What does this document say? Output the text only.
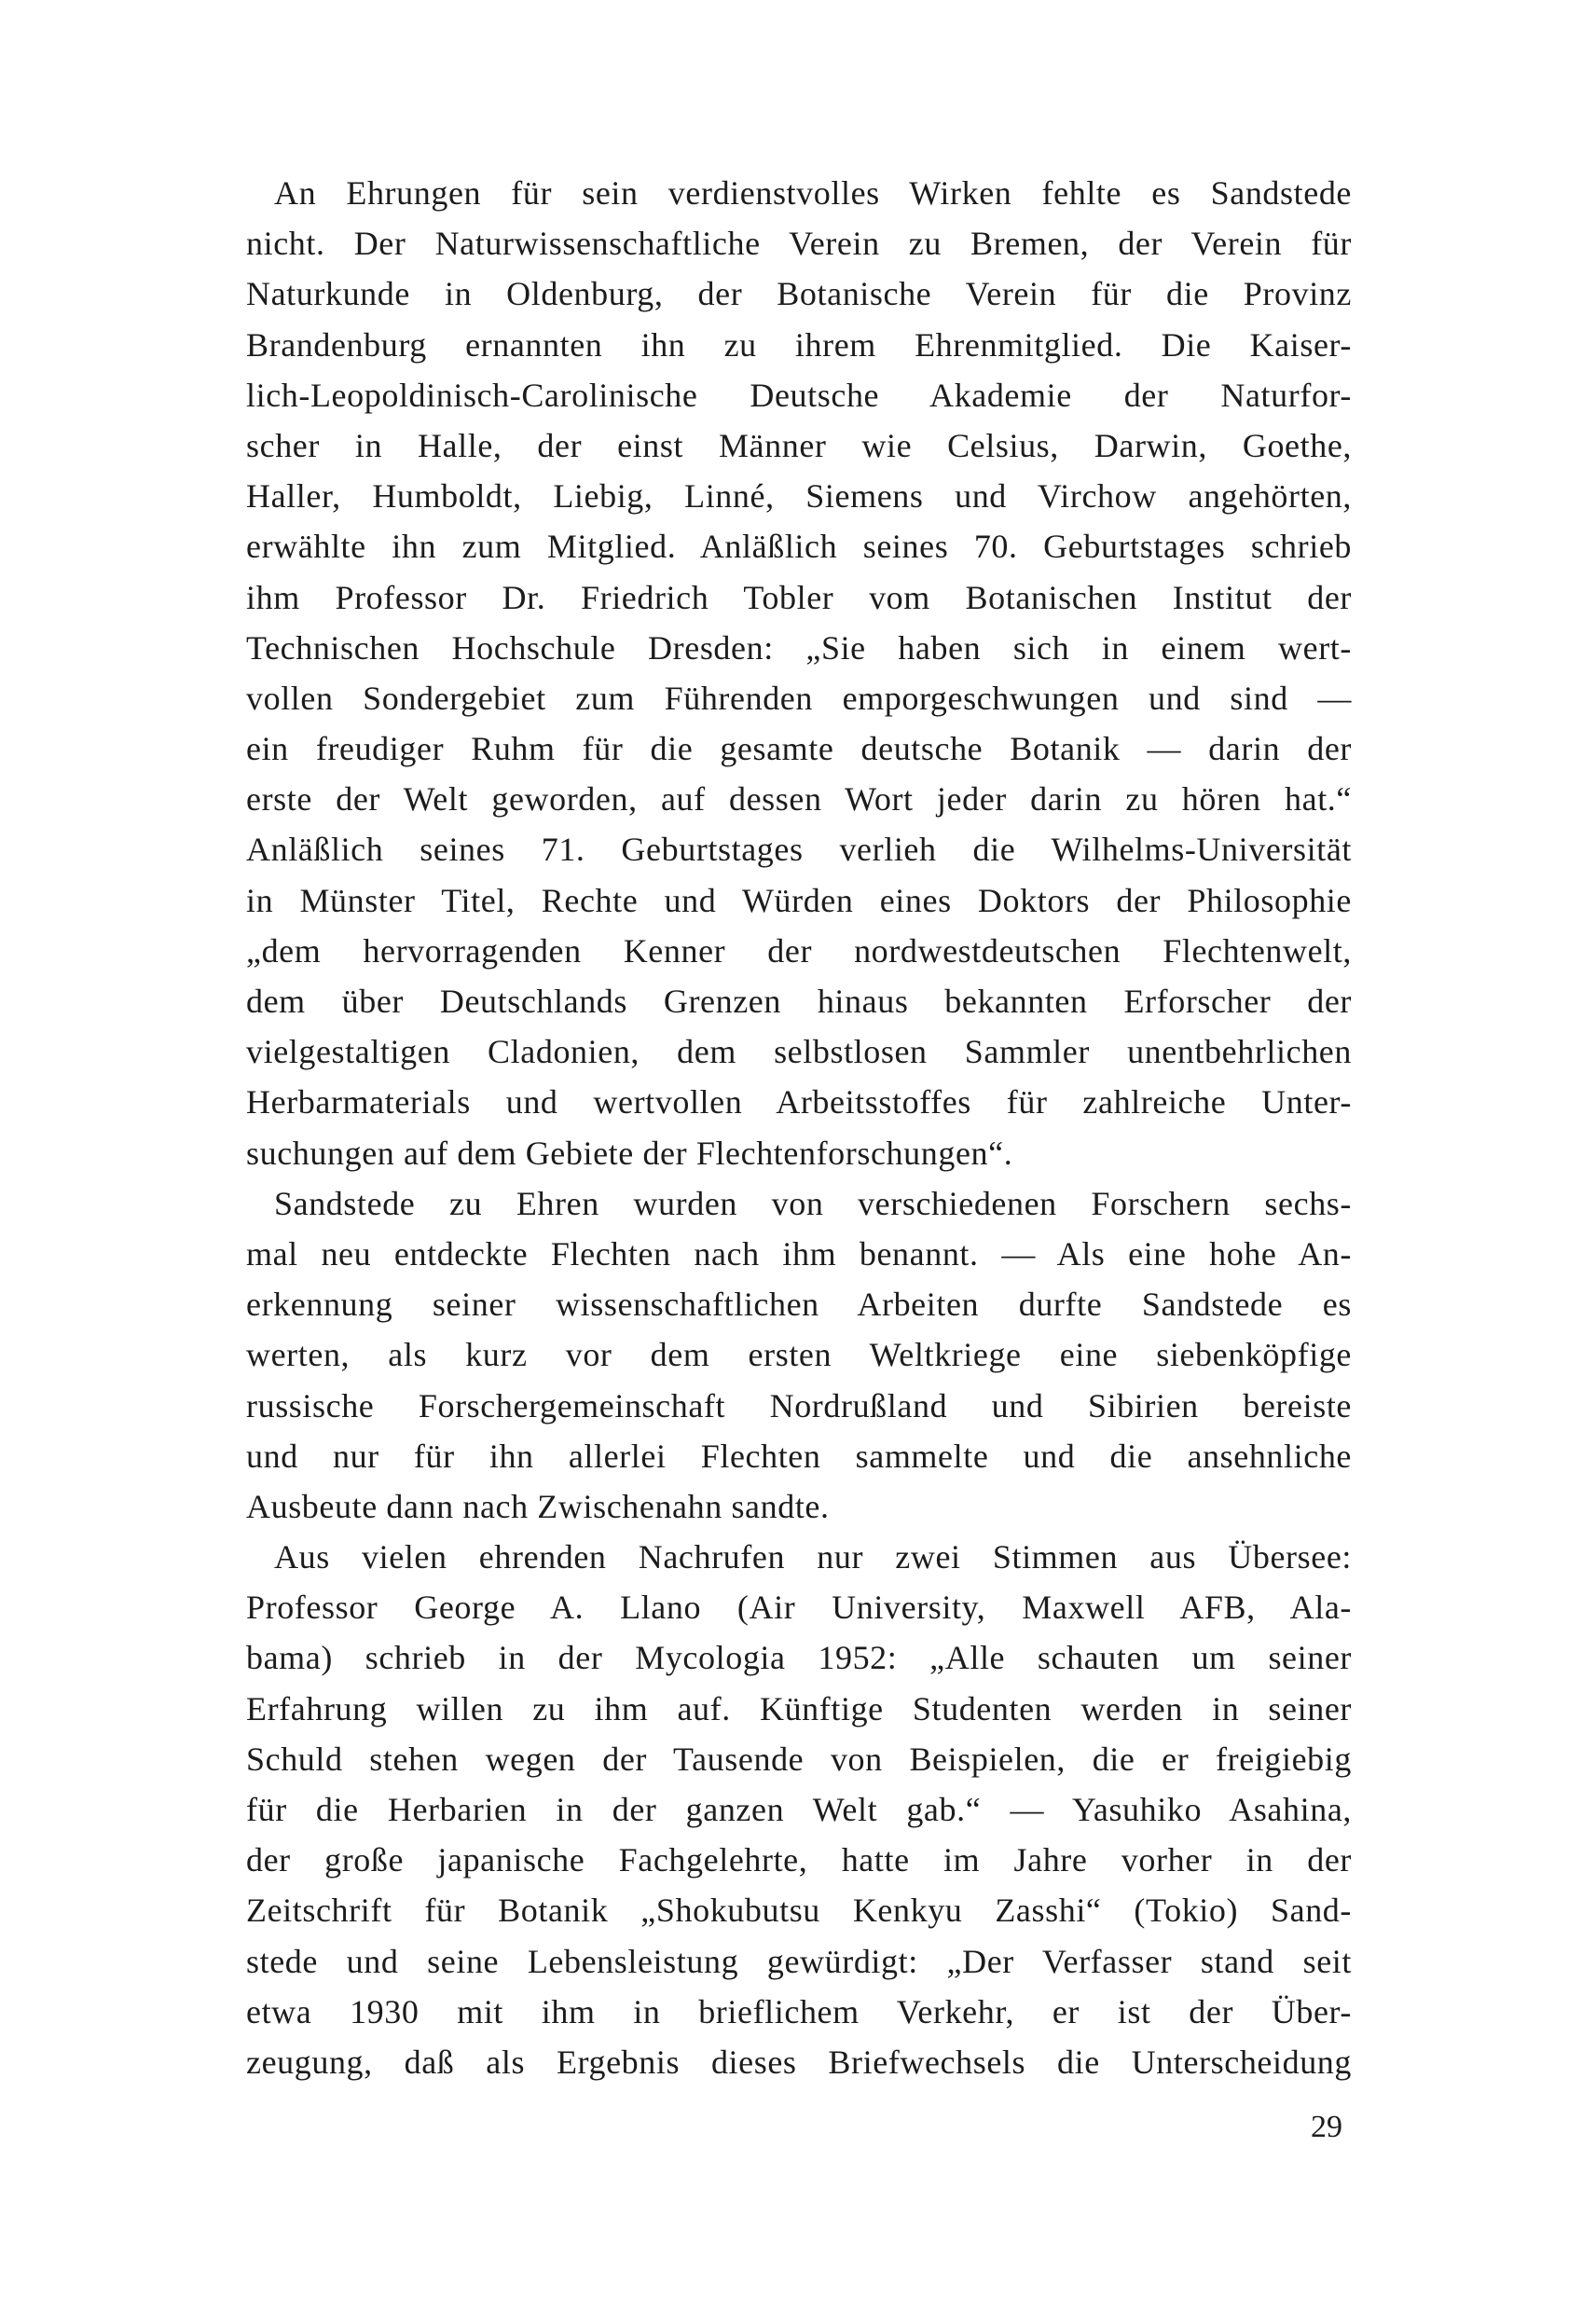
An Ehrungen für sein verdienstvolles Wirken fehlte es Sandstede
nicht. Der Naturwissenschaftliche Verein zu Bremen, der Verein für
Naturkunde in Oldenburg, der Botanische Verein für die Provinz
Brandenburg ernannten ihn zu ihrem Ehrenmitglied. Die Kaiser-
lich-Leopoldinisch-Carolinische Deutsche Akademie der Naturfor-
scher in Halle, der einst Männer wie Celsius, Darwin, Goethe,
Haller, Humboldt, Liebig, Linné, Siemens und Virchow angehörten,
erwählte ihn zum Mitglied. Anläßlich seines 70. Geburtstages schrieb
ihm Professor Dr. Friedrich Tobler vom Botanischen Institut der
Technischen Hochschule Dresden: „Sie haben sich in einem wert-
vollen Sondergebiet zum Führenden emporgeschwungen und sind —
ein freudiger Ruhm für die gesamte deutsche Botanik — darin der
erste der Welt geworden, auf dessen Wort jeder darin zu hören hat.“
Anläßlich seines 71. Geburtstages verlieh die Wilhelms-Universität
in Münster Titel, Rechte und Würden eines Doktors der Philosophie
„dem hervorragenden Kenner der nordwestdeutschen Flechtenwelt,
dem über Deutschlands Grenzen hinaus bekannten Erforscher der
vielgestaltigen Cladonien, dem selbstlosen Sammler unentbehrlichen
Herbarmaterials und wertvollen Arbeitsstoffes für zahlreiche Unter-
suchungen auf dem Gebiete der Flechtenforschungen“.
Sandstede zu Ehren wurden von verschiedenen Forschern sechs-
mal neu entdeckte Flechten nach ihm benannt. — Als eine hohe An-
erkennung seiner wissenschaftlichen Arbeiten durfte Sandstede es
werten, als kurz vor dem ersten Weltkriege eine siebenköpfige
russische Forschergemeinschaft Nordrußland und Sibirien bereiste
und nur für ihn allerlei Flechten sammelte und die ansehnliche
Ausbeute dann nach Zwischenahn sandte.
Aus vielen ehrenden Nachrufen nur zwei Stimmen aus Übersee:
Professor George A. Llano (Air University, Maxwell AFB, Ala-
bama) schrieb in der Mycologia 1952: „Alle schauten um seiner
Erfahrung willen zu ihm auf. Künftige Studenten werden in seiner
Schuld stehen wegen der Tausende von Beispielen, die er freigiebig
für die Herbarien in der ganzen Welt gab.“ — Yasuhiko Asahina,
der große japanische Fachgelehrte, hatte im Jahre vorher in der
Zeitschrift für Botanik „Shokubutsu Kenkyu Zasshi“ (Tokio) Sand-
stede und seine Lebensleistung gewürdigt: „Der Verfasser stand seit
etwa 1930 mit ihm in brieflichem Verkehr, er ist der Über-
zeugung, daß als Ergebnis dieses Briefwechsels die Unterscheidung
29
